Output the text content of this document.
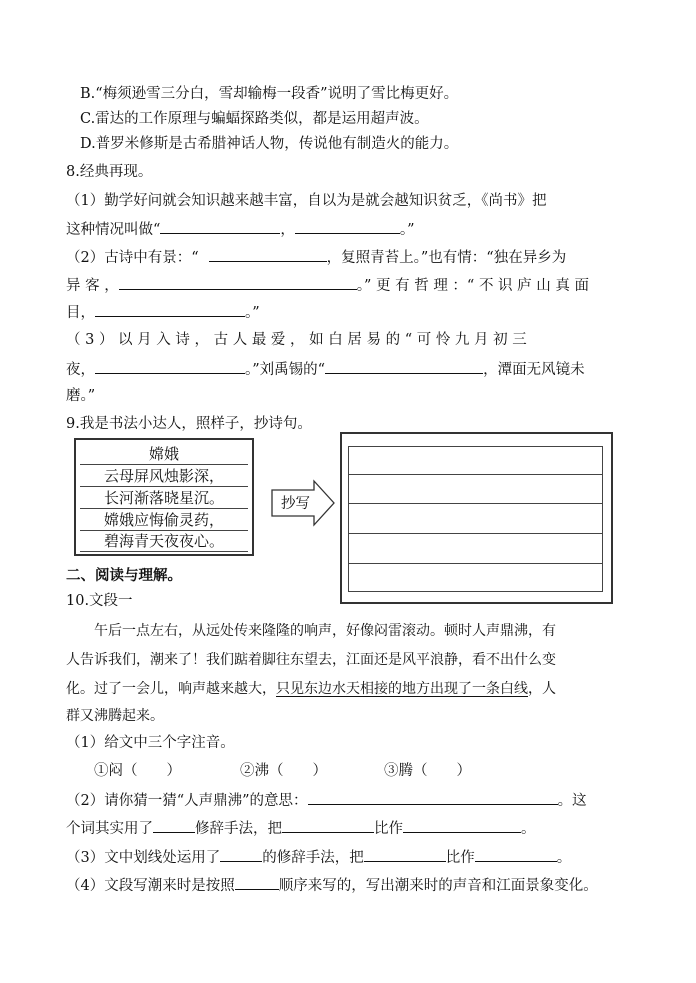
B.“梅须逊雪三分白，雪却输梅一段香”说明了雪比梅更好。
C.雷达的工作原理与蝙蝠探路类似，都是运用超声波。
D.普罗米修斯是古希腊神话人物，传说他有制造火的能力。
8.经典再现。
（1）勤学好问就会知识越来越丰富，自以为是就会越知识贫乏，《尚书》把
这种情况叫做“	，	。”
（2）古诗中有景：“	，复照青苔上。”也有情：“独在异乡为
异 客 ，	。” 更 有 哲 理 ：“ 不 识 庐 山 真 面
目，	。”
（ 3 ） 以 月 入 诗 ， 古 人 最 爱 ， 如 白 居 易 的 “ 可 怜 九 月 初 三
夜，	。”刘禹锡的“	，潭面无风镜未
磨。”
9.我是书法小达人，照样子，抄诗句。
嫦娥
云母屏风烛影深，
长河渐落晓星沉。
嫦娥应悔偷灵药，
碧海青天夜夜心。
抄写
二、阅读与理解。
10.文段一
午后一点左右，从远处传来隆隆的响声，好像闷雷滚动。顿时人声鼎沸，有
人告诉我们，潮来了！我们踮着脚往东望去，江面还是风平浪静，看不出什么变
化。过了一会儿，响声越来越大，只见东边水天相接的地方出现了一条白线，人
群又沸腾起来。
（1）给文中三个字注音。
①闷（　　）	②沸（　　）	③腾（　　）
（2）请你猜一猜“人声鼎沸”的意思：	。这
个词其实用了	修辞手法，把	比作	。
（3）文中划线处运用了	的修辞手法，把	比作	。
（4）文段写潮来时是按照	顺序来写的，写出潮来时的声音和江面景象变化。
